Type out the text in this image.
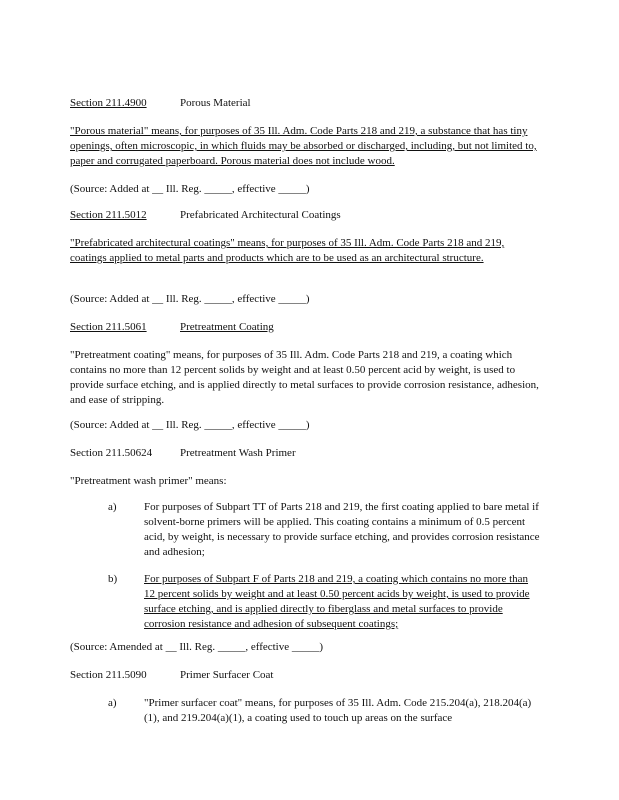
Section 211.4900	Porous Material
"Porous material" means, for purposes of 35 Ill. Adm. Code Parts 218 and 219, a substance that has tiny openings, often microscopic, in which fluids may be absorbed or discharged, including, but not limited to, paper and corrugated paperboard. Porous material does not include wood.
(Source: Added at __ Ill. Reg. _____, effective _____)
Section 211.5012	Prefabricated Architectural Coatings
"Prefabricated architectural coatings" means, for purposes of 35 Ill. Adm. Code Parts 218 and 219, coatings applied to metal parts and products which are to be used as an architectural structure.
(Source: Added at __ Ill. Reg. _____, effective _____)
Section 211.5061	Pretreatment Coating
"Pretreatment coating" means, for purposes of 35 Ill. Adm. Code Parts 218 and 219, a coating which contains no more than 12 percent solids by weight and at least 0.50 percent acid by weight, is used to provide surface etching, and is applied directly to metal surfaces to provide corrosion resistance, adhesion, and ease of stripping.
(Source: Added at __ Ill. Reg. _____, effective _____)
Section 211.50624	Pretreatment Wash Primer
"Pretreatment wash primer" means:
a) For purposes of Subpart TT of Parts 218 and 219, the first coating applied to bare metal if solvent-borne primers will be applied. This coating contains a minimum of 0.5 percent acid, by weight, is necessary to provide surface etching, and provides corrosion resistance and adhesion;
b) For purposes of Subpart F of Parts 218 and 219, a coating which contains no more than 12 percent solids by weight and at least 0.50 percent acids by weight, is used to provide surface etching, and is applied directly to fiberglass and metal surfaces to provide corrosion resistance and adhesion of subsequent coatings;
(Source: Amended at __ Ill. Reg. _____, effective _____)
Section 211.5090	Primer Surfacer Coat
a) "Primer surfacer coat" means, for purposes of 35 Ill. Adm. Code 215.204(a), 218.204(a)(1), and 219.204(a)(1), a coating used to touch up areas on the surface
